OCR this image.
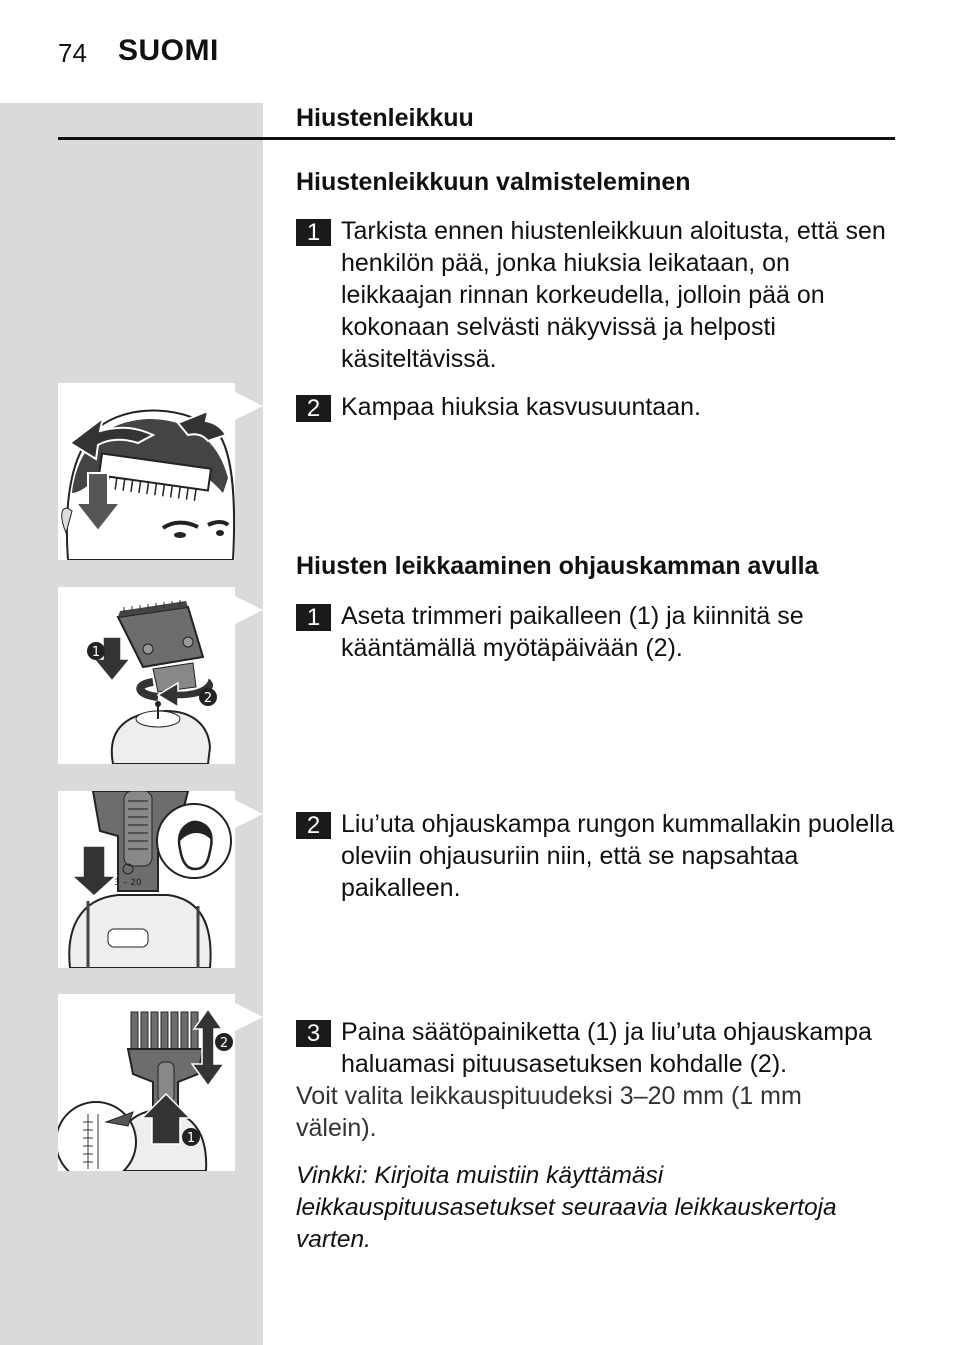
74 SUOMI
Hiustenleikkuu
Hiustenleikkuun valmisteleminen
1 Tarkista ennen hiustenleikkuun aloitusta, että sen henkilön pää, jonka hiuksia leikataan, on leikkaajan rinnan korkeudella, jolloin pää on kokonaan selvästi näkyvissä ja helposti käsiteltävissä.
2 Kampaa hiuksia kasvusuuntaan.
Hiusten leikkaaminen ohjauskamman avulla
1 Aseta trimmeri paikalleen (1) ja kiinnitä se kääntämällä myötäpäivään (2).
2 Liu’uta ohjauskampa rungon kummallakin puolella oleviin ohjausuriin niin, että se napsahtaa paikalleen.
3 Paina säätöpainiketta (1) ja liu’uta ohjauskampa haluamasi pituusasetuksen kohdalle (2).
Voit valita leikkauspituudeksi 3–20 mm (1 mm välein).
Vinkki: Kirjoita muistiin käyttämäsi leikkauspituusasetukset seuraavia leikkauskertoja varten.
1
2
3 – 20
2
1
